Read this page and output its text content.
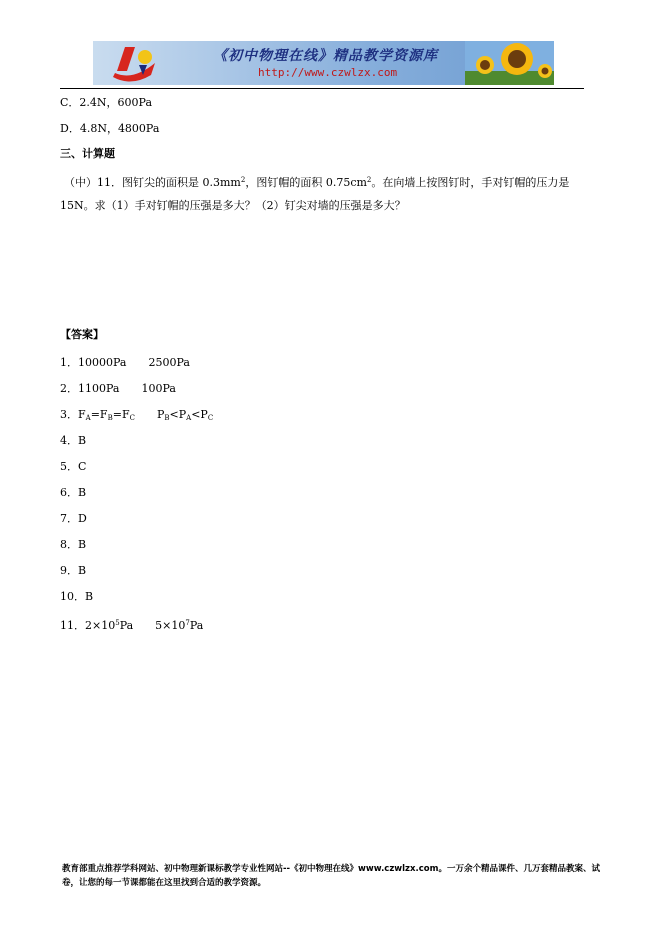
《初中物理在线》精品教学资源库
http://www.czwlzx.com
C．2.4N，600Pa
D．4.8N，4800Pa
三、计算题
（中）11．图钉尖的面积是 $0.3mm^2$，图钉帽的面积 $0.75cm^2$。在向墙上按图钉时，手对钉帽的压力是
15N。求（1）手对钉帽的压强是多大？（2）钉尖对墙的压强是多大？
【答案】
1．10000Pa 2500Pa
2．1100Pa 100Pa
3．$F_A=F_B=F_C$ $P_B<P_A<P_C$
4．B
5．C
6．B
7．D
8．B
9．B
10．B
11．$2\times 10^5Pa$ $5\times 10^7Pa$
教育部重点推荐学科网站、初中物理新课标教学专业性网站--《初中物理在线》www.czwlzx.com。一万余个精品课件、几万套精品教案、试卷，让您的每一节课都能在这里找到合适的教学资源。
